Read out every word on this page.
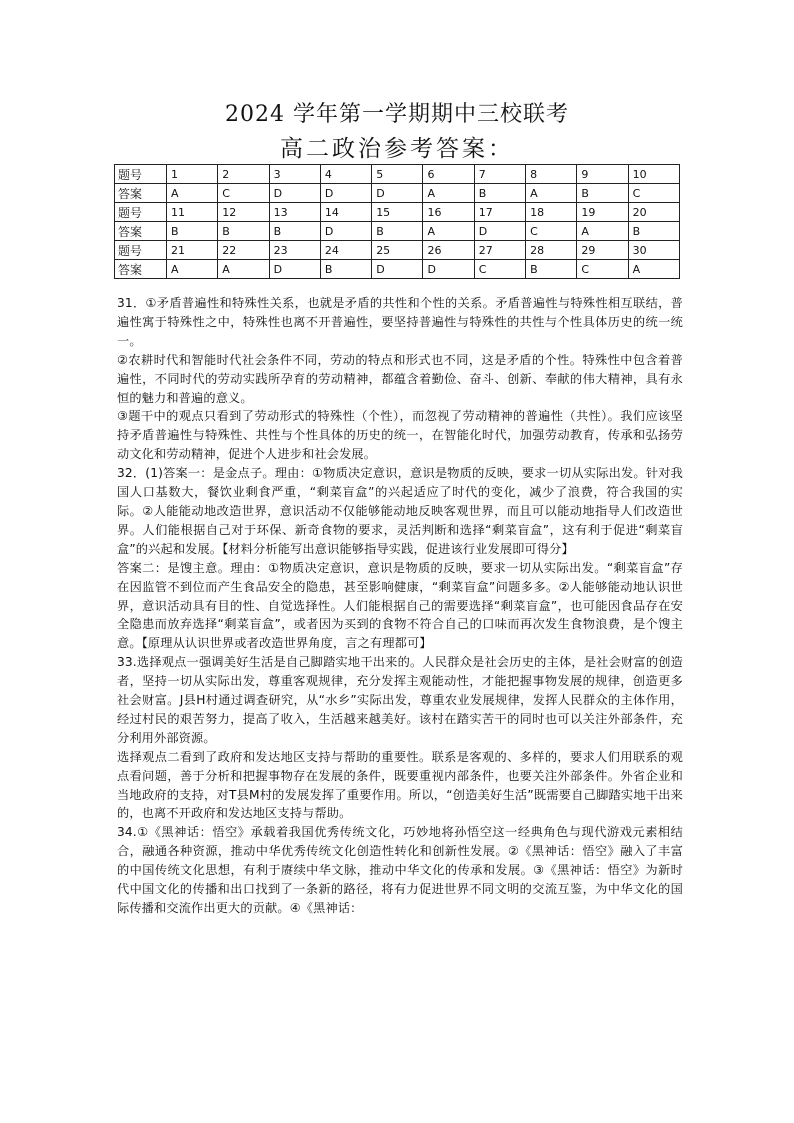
2024 学年第一学期期中三校联考
高二政治参考答案：
题号	1	2	3	4	5	6	7	8	9	10
答案	A	C	D	D	D	A	B	A	B	C
题号	11	12	13	14	15	16	17	18	19	20
答案	B	B	B	D	B	A	D	C	A	B
题号	21	22	23	24	25	26	27	28	29	30
答案	A	A	D	B	D	D	C	B	C	A

31．①矛盾普遍性和特殊性关系，也就是矛盾的共性和个性的关系。矛盾普遍性与特殊性相互联结，普遍性寓于特殊性之中，特殊性也离不开普遍性，要坚持普遍性与特殊性的共性与个性具体历史的统一统一。

②农耕时代和智能时代社会条件不同，劳动的特点和形式也不同，这是矛盾的个性。特殊性中包含着普遍性，不同时代的劳动实践所孕育的劳动精神，都蕴含着勤俭、奋斗、创新、奉献的伟大精神，具有永恒的魅力和普遍的意义。

③题干中的观点只看到了劳动形式的特殊性（个性），而忽视了劳动精神的普遍性（共性）。我们应该坚持矛盾普遍性与特殊性、共性与个性具体的历史的统一，在智能化时代，加强劳动教育，传承和弘扬劳动文化和劳动精神，促进个人进步和社会发展。

32．(1)答案一：是金点子。理由：①物质决定意识，意识是物质的反映，要求一切从实际出发。针对我国人口基数大，餐饮业剩食严重，“剩菜盲盒”的兴起适应了时代的变化，减少了浪费，符合我国的实际。②人能能动地改造世界，意识活动不仅能够能动地反映客观世界，而且可以能动地指导人们改造世界。人们能根据自己对于环保、新奇食物的要求，灵活判断和选择“剩菜盲盒”，这有利于促进“剩菜盲盒”的兴起和发展。【材料分析能写出意识能够指导实践，促进该行业发展即可得分】

答案二：是馊主意。理由：①物质决定意识，意识是物质的反映，要求一切从实际出发。“剩菜盲盒”存在因监管不到位而产生食品安全的隐患，甚至影响健康，“剩菜盲盒”问题多多。②人能够能动地认识世界，意识活动具有目的性、自觉选择性。人们能根据自己的需要选择“剩菜盲盒”，也可能因食品存在安全隐患而放弃选择“剩菜盲盒”，或者因为买到的食物不符合自己的口味而再次发生食物浪费，是个馊主意。【原理从认识世界或者改造世界角度，言之有理都可】

33.选择观点一强调美好生活是自己脚踏实地干出来的。人民群众是社会历史的主体，是社会财富的创造者，坚持一切从实际出发，尊重客观规律，充分发挥主观能动性，才能把握事物发展的规律，创造更多社会财富。J县H村通过调查研究，从“水乡”实际出发，尊重农业发展规律，发挥人民群众的主体作用，经过村民的艰苦努力，提高了收入，生活越来越美好。该村在踏实苦干的同时也可以关注外部条件，充分利用外部资源。

选择观点二看到了政府和发达地区支持与帮助的重要性。联系是客观的、多样的，要求人们用联系的观点看问题，善于分析和把握事物存在发展的条件，既要重视内部条件，也要关注外部条件。外省企业和当地政府的支持，对T县M村的发展发挥了重要作用。所以，“创造美好生活”既需要自己脚踏实地干出来的，也离不开政府和发达地区支持与帮助。

34.①《黑神话：悟空》承载着我国优秀传统文化，巧妙地将孙悟空这一经典角色与现代游戏元素相结合，融通各种资源，推动中华优秀传统文化创造性转化和创新性发展。②《黑神话：悟空》融入了丰富的中国传统文化思想，有利于赓续中华文脉，推动中华文化的传承和发展。③《黑神话：悟空》为新时代中国文化的传播和出口找到了一条新的路径，将有力促进世界不同文明的交流互鉴，为中华文化的国际传播和交流作出更大的贡献。④《黑神话：
